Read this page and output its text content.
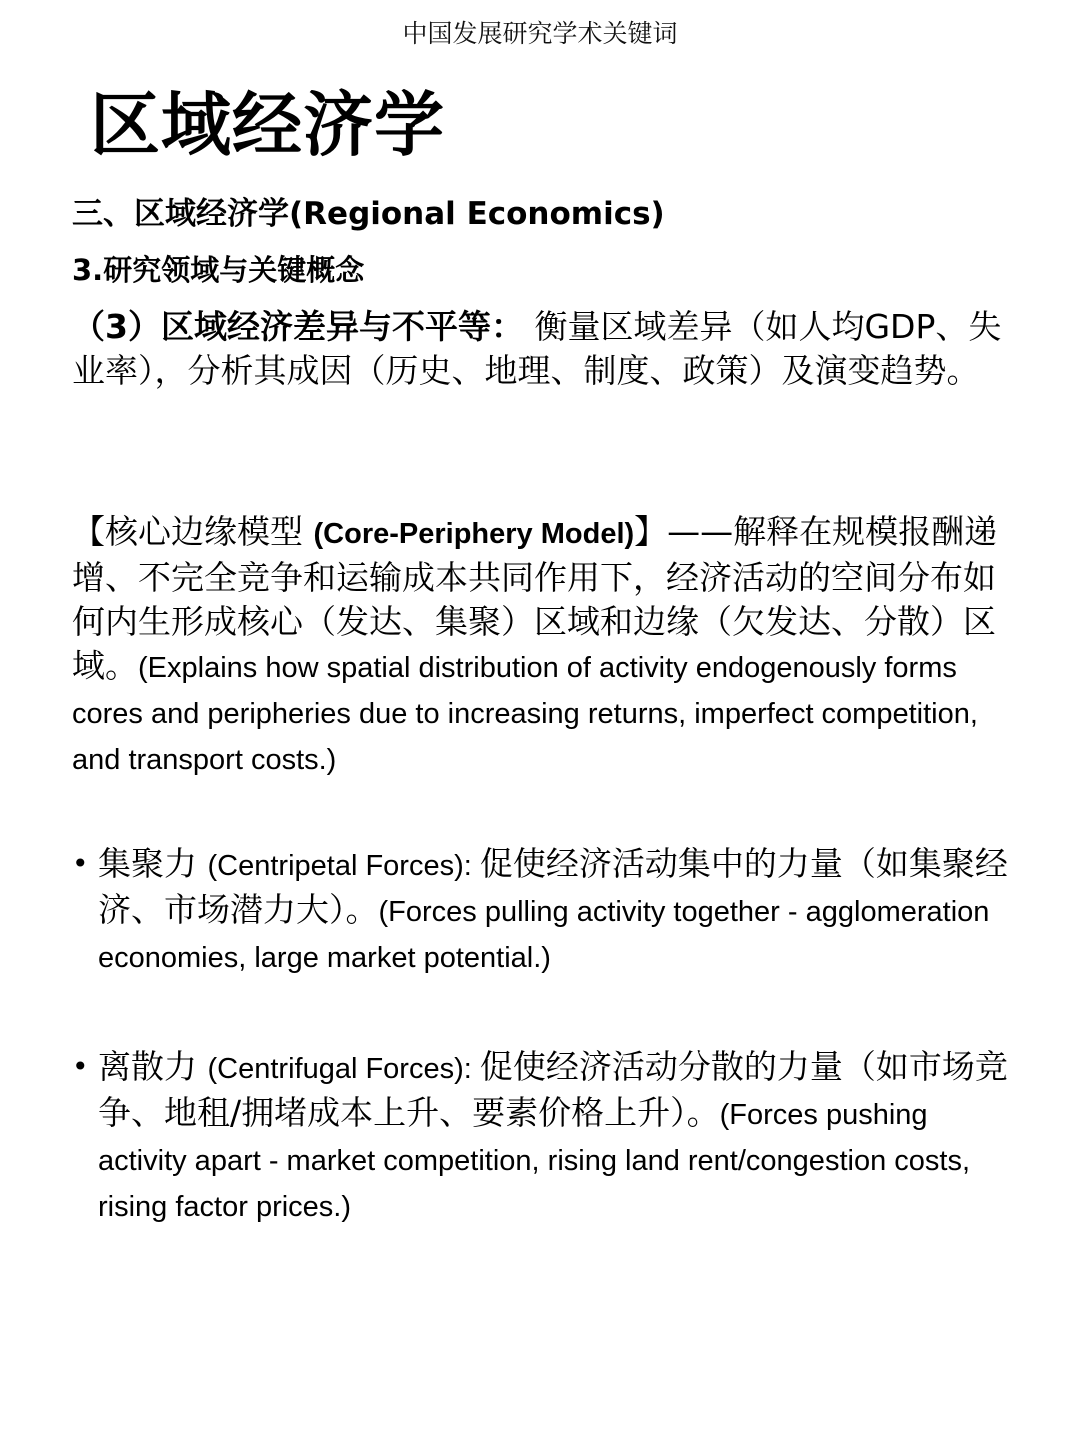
中国发展研究学术关键词
区域经济学
三、区域经济学(Regional Economics)
3.研究领域与关键概念
（3）区域经济差异与不平等： 衡量区域差异（如人均GDP、失业率），分析其成因（历史、地理、制度、政策）及演变趋势。
【核心边缘模型 (Core-Periphery Model)】——解释在规模报酬递增、不完全竞争和运输成本共同作用下，经济活动的空间分布如何内生形成核心（发达、集聚）区域和边缘（欠发达、分散）区域。(Explains how spatial distribution of activity endogenously forms cores and peripheries due to increasing returns, imperfect competition, and transport costs.)
• 集聚力 (Centripetal Forces): 促使经济活动集中的力量（如集聚经济、市场潜力大）。(Forces pulling activity together - agglomeration economies, large market potential.)
• 离散力 (Centrifugal Forces): 促使经济活动分散的力量（如市场竞争、地租/拥堵成本上升、要素价格上升）。(Forces pushing activity apart - market competition, rising land rent/congestion costs, rising factor prices.)
